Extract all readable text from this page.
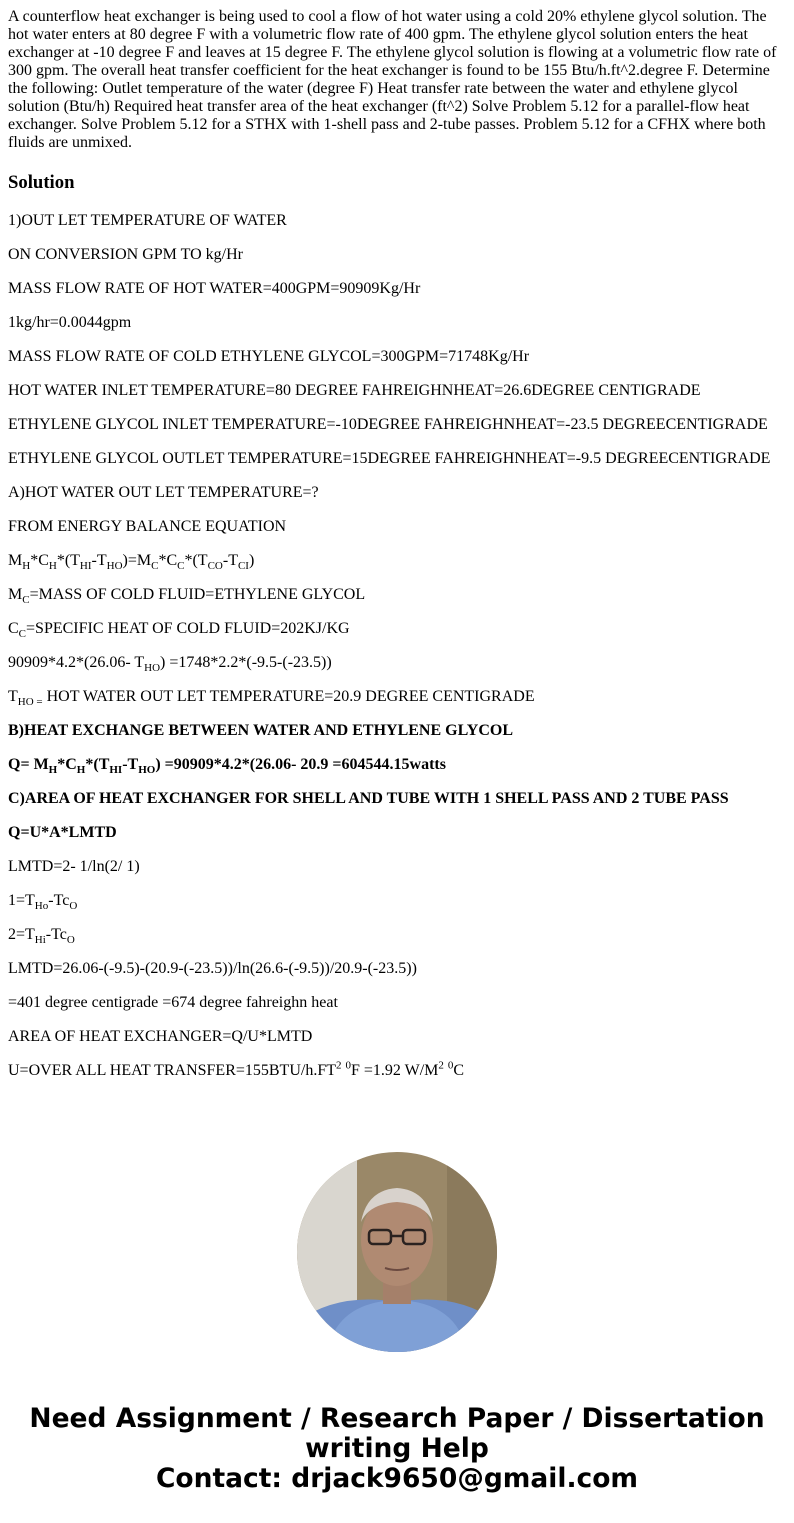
A counterflow heat exchanger is being used to cool a flow of hot water using a cold 20% ethylene glycol solution. The hot water enters at 80 degree F with a volumetric flow rate of 400 gpm. The ethylene glycol solution enters the heat exchanger at -10 degree F and leaves at 15 degree F. The ethylene glycol solution is flowing at a volumetric flow rate of 300 gpm. The overall heat transfer coefficient for the heat exchanger is found to be 155 Btu/h.ft^2.degree F. Determine the following: Outlet temperature of the water (degree F) Heat transfer rate between the water and ethylene glycol solution (Btu/h) Required heat transfer area of the heat exchanger (ft^2) Solve Problem 5.12 for a parallel-flow heat exchanger. Solve Problem 5.12 for a STHX with 1-shell pass and 2-tube passes. Problem 5.12 for a CFHX where both fluids are unmixed.

Solution

1)OUT LET TEMPERATURE OF WATER

ON CONVERSION GPM TO kg/Hr

MASS FLOW RATE OF HOT WATER=400GPM=90909Kg/Hr

1kg/hr=0.0044gpm

MASS FLOW RATE OF COLD ETHYLENE GLYCOL=300GPM=71748Kg/Hr

HOT WATER INLET TEMPERATURE=80 DEGREE FAHREIGHNHEAT=26.6DEGREE CENTIGRADE

ETHYLENE GLYCOL INLET TEMPERATURE=-10DEGREE FAHREIGHNHEAT=-23.5 DEGREECENTIGRADE

ETHYLENE GLYCOL OUTLET TEMPERATURE=15DEGREE FAHREIGHNHEAT=-9.5 DEGREECENTIGRADE

A)HOT WATER OUT LET TEMPERATURE=?

FROM ENERGY BALANCE EQUATION

$M_H*C_H*(T_{HI}-T_{HO})=M_C*C_C*(T_{CO}-T_{CI})$

$M_C=MASS$ OF COLD FLUID=ETHYLENE GLYCOL

$C_C=SPECIFIC$ HEAT OF COLD FLUID=202KJ/KG

90909*4.2*(26.06- $T_{HO}) =1748*2.2*(-9.5-(-23.5))$

$T_{HO =}$ HOT WATER OUT LET TEMPERATURE=20.9 DEGREE CENTIGRADE

B)HEAT EXCHANGE BETWEEN WATER AND ETHYLENE GLYCOL

$Q= M_H*C_H*(T_{HI}-T_{HO}) =90909*4.2*(26.06-$ 20.9 =604544.15watts

C)AREA OF HEAT EXCHANGER FOR SHELL AND TUBE WITH 1 SHELL PASS AND 2 TUBE PASS

Q=U*A*LMTD

LMTD=2- 1/ln(2/ 1)

$1=T_{Ho}-Tc_O$

$2=T_{Hi}-Tc_O$

LMTD=26.06-(-9.5)-(20.9-(-23.5))/ln(26.6-(-9.5))/20.9-(-23.5))

=401 degree centigrade =674 degree fahreighn heat

AREA OF HEAT EXCHANGER=Q/U*LMTD

U=OVER ALL HEAT $TRANSFER=155BTU/h.FT^2$ $^0$F =1.92 $W/M^2$ $^0$C

Need Assignment / Research Paper / Dissertation
writing Help
Contact: drjack9650@gmail.com
